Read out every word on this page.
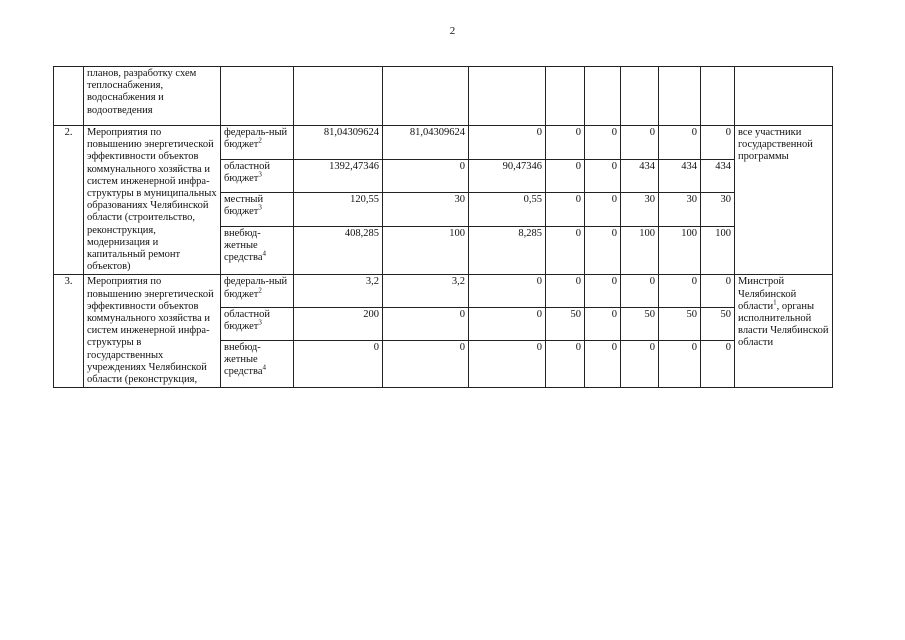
2
	планов, разработку схем теплоснабжения, водоснабжения и водоотведения										
2.	Мероприятия по повышению энергетической эффективности объектов коммунального хозяйства и систем инженерной инфра-структуры в муниципальных образованиях Челябинской области (строительство, реконструкция, модернизация и капитальный ремонт объектов)	федераль-ный бюджет$^2$	81,04309624	81,04309624	0	0	0	0	0	0	все участники государственной программы
		областной бюджет$^3$	1392,47346	0	90,47346	0	0	434	434	434	
		местный бюджет$^3$	120,55	30	0,55	0	0	30	30	30	
		внебюд-жетные средства$^4$	408,285	100	8,285	0	0	100	100	100	
3.	Мероприятия по повышению энергетической эффективности объектов коммунального хозяйства и систем инженерной инфра-структуры в государственных учреждениях Челябинской области (реконструкция,	федераль-ный бюджет$^2$	3,2	3,2	0	0	0	0	0	0	Минстрой Челябинской области$^1$, органы исполнительной власти Челябинской области
		областной бюджет$^3$	200	0	0	50	0	50	50	50	
		внебюд-жетные средства$^4$	0	0	0	0	0	0	0	0	
